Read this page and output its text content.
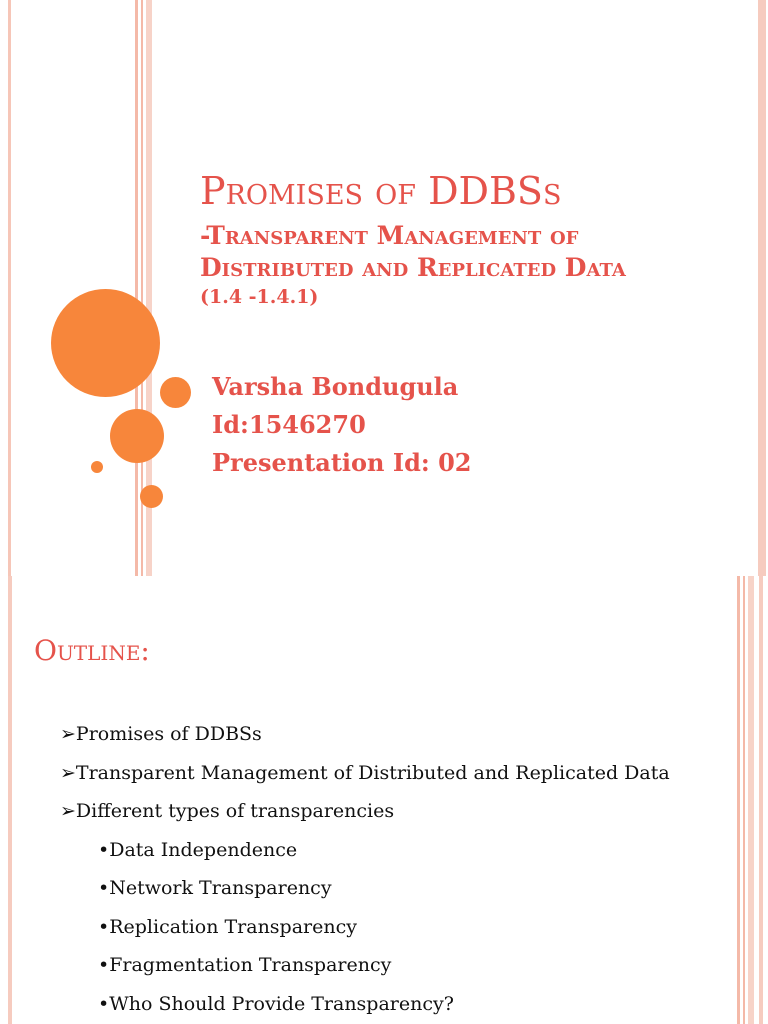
Promises of DDBSs
-Transparent Management of
Distributed and Replicated Data
(1.4 -1.4.1)
Varsha Bondugula
Id:1546270
Presentation Id: 02
Outline:
➢Promises of DDBSs
➢Transparent Management of Distributed and Replicated Data
➢Different types of transparencies
•Data Independence
•Network Transparency
•Replication Transparency
•Fragmentation Transparency
•Who Should Provide Transparency?
